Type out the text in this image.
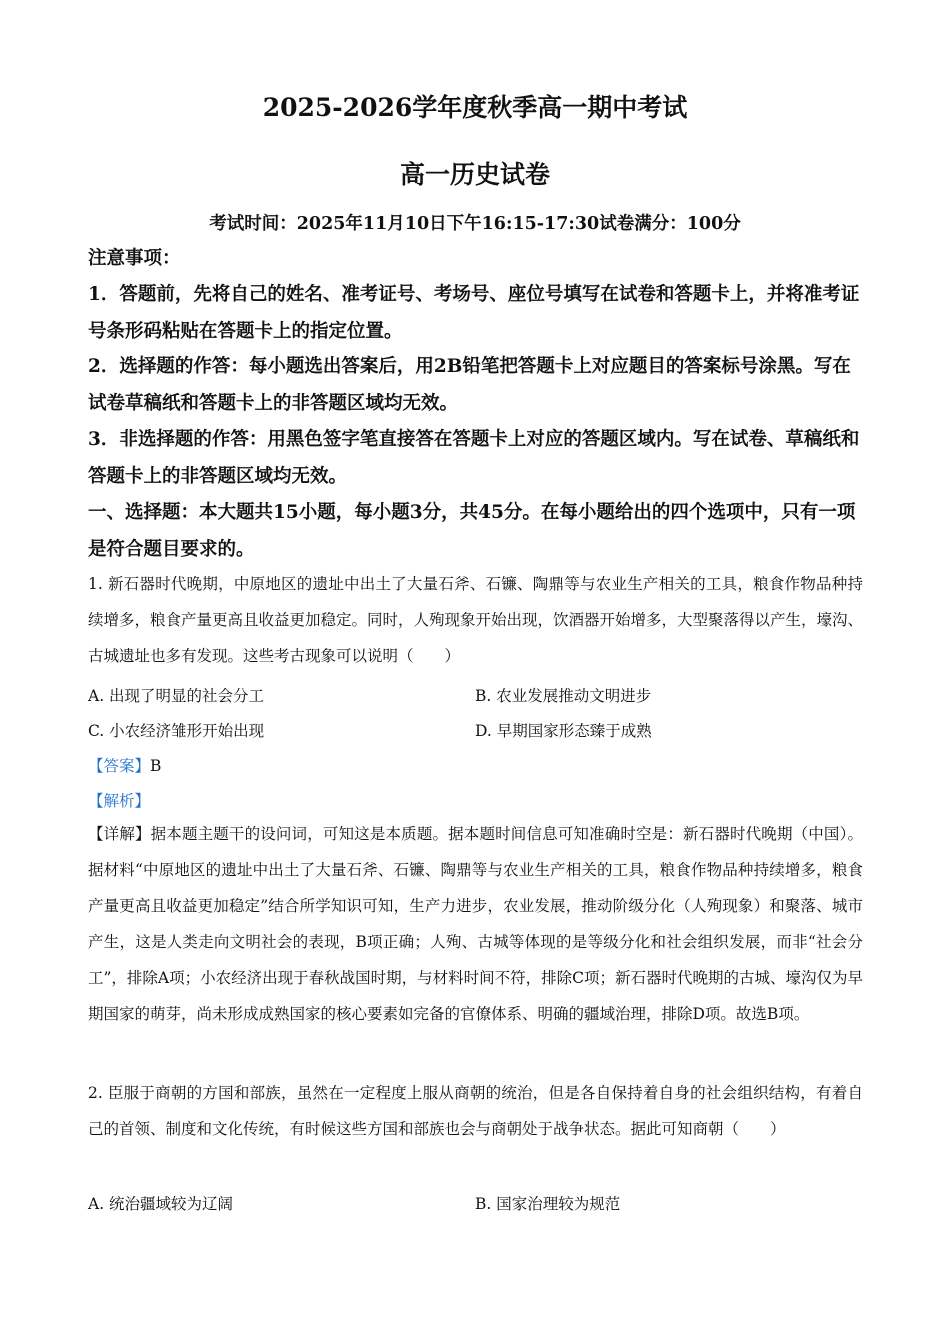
2025-2026学年度秋季高一期中考试
高一历史试卷
考试时间：2025年11月10日下午16:15-17:30试卷满分：100分
注意事项：
1．答题前，先将自己的姓名、准考证号、考场号、座位号填写在试卷和答题卡上，并将准考证号条形码粘贴在答题卡上的指定位置。
2．选择题的作答：每小题选出答案后，用2B铅笔把答题卡上对应题目的答案标号涂黑。写在试卷草稿纸和答题卡上的非答题区域均无效。
3．非选择题的作答：用黑色签字笔直接答在答题卡上对应的答题区域内。写在试卷、草稿纸和答题卡上的非答题区域均无效。
一、选择题：本大题共15小题，每小题3分，共45分。在每小题给出的四个选项中，只有一项是符合题目要求的。
1. 新石器时代晚期，中原地区的遗址中出土了大量石斧、石镰、陶鼎等与农业生产相关的工具，粮食作物品种持续增多，粮食产量更高且收益更加稳定。同时，人殉现象开始出现，饮酒器开始增多，大型聚落得以产生，壕沟、古城遗址也多有发现。这些考古现象可以说明（　　）
A. 出现了明显的社会分工	B. 农业发展推动文明进步
C. 小农经济雏形开始出现	D. 早期国家形态臻于成熟
【答案】B
【解析】
【详解】据本题主题干的设问词，可知这是本质题。据本题时间信息可知准确时空是：新石器时代晚期（中国）。据材料“中原地区的遗址中出土了大量石斧、石镰、陶鼎等与农业生产相关的工具，粮食作物品种持续增多，粮食产量更高且收益更加稳定”结合所学知识可知，生产力进步，农业发展，推动阶级分化（人殉现象）和聚落、城市产生，这是人类走向文明社会的表现，B项正确；人殉、古城等体现的是等级分化和社会组织发展，而非“社会分工”，排除A项；小农经济出现于春秋战国时期，与材料时间不符，排除C项；新石器时代晚期的古城、壕沟仅为早期国家的萌芽，尚未形成成熟国家的核心要素如完备的官僚体系、明确的疆域治理，排除D项。故选B项。
2. 臣服于商朝的方国和部族，虽然在一定程度上服从商朝的统治，但是各自保持着自身的社会组织结构，有着自己的首领、制度和文化传统，有时候这些方国和部族也会与商朝处于战争状态。据此可知商朝（　　）
A. 统治疆域较为辽阔	B. 国家治理较为规范
